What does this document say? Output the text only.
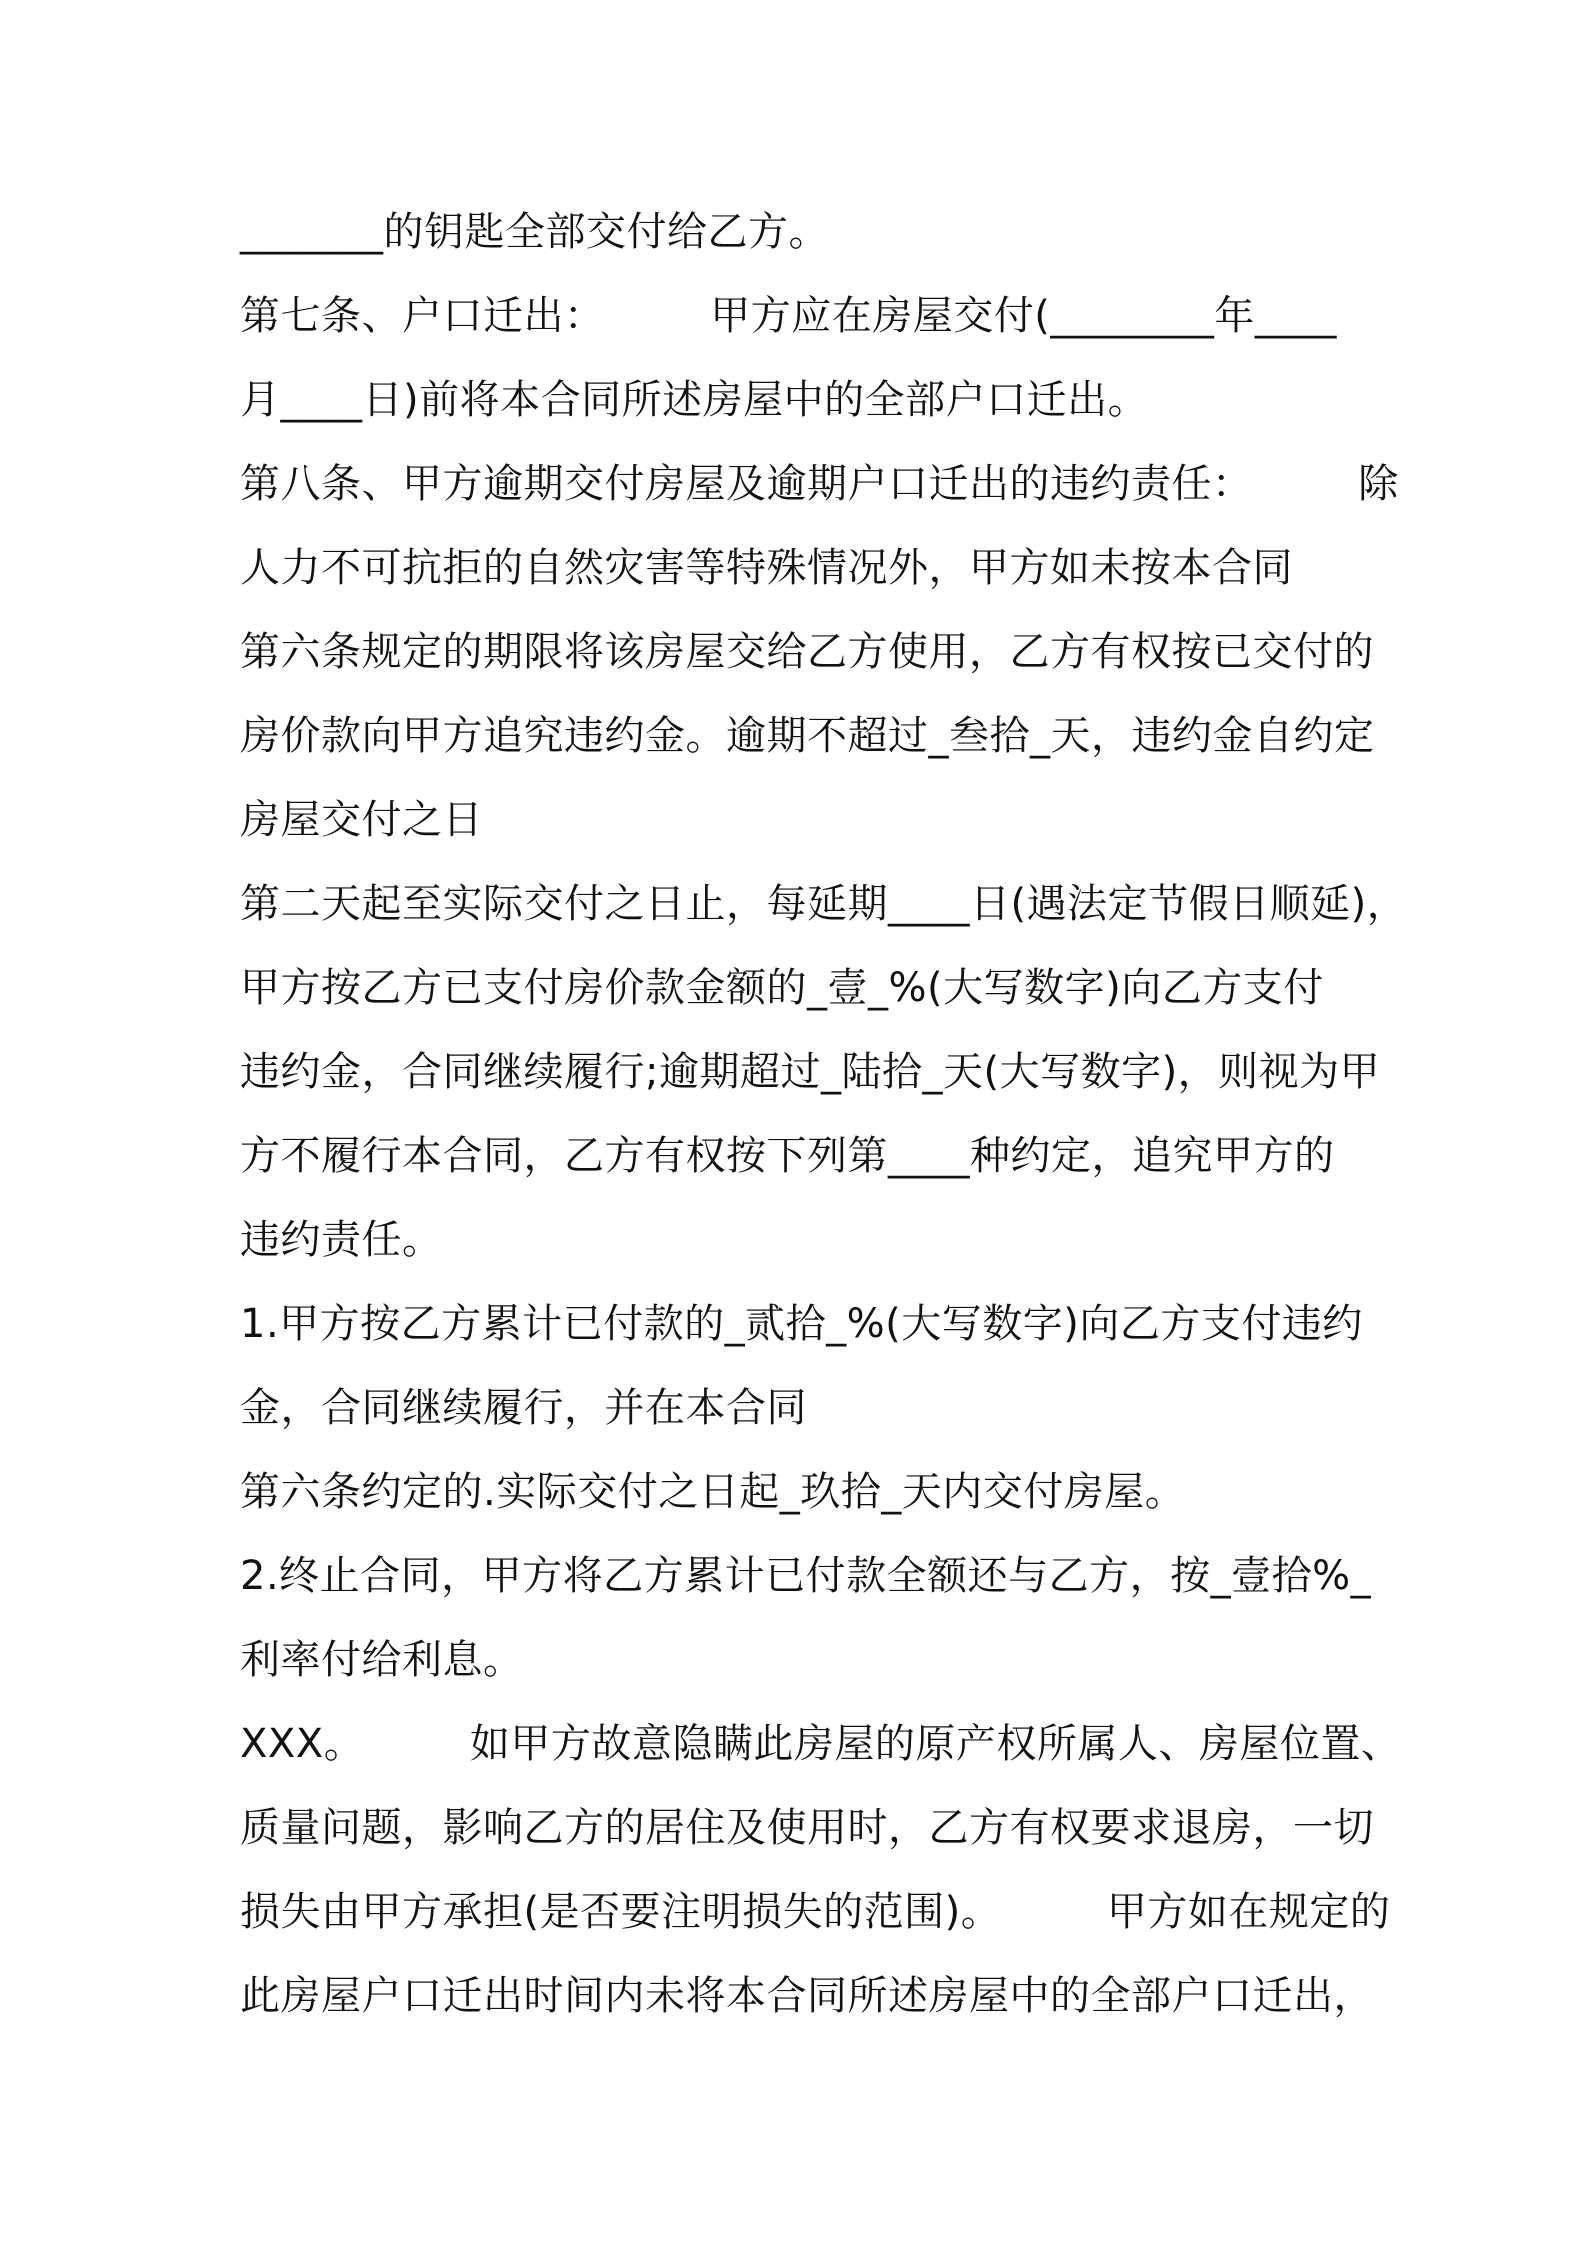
_______的钥匙全部交付给乙方。
第七条、户口迁出：        甲方应在房屋交付(________年____
月____日)前将本合同所述房屋中的全部户口迁出。
第八条、甲方逾期交付房屋及逾期户口迁出的违约责任：        除
人力不可抗拒的自然灾害等特殊情况外，甲方如未按本合同
第六条规定的期限将该房屋交给乙方使用，乙方有权按已交付的
房价款向甲方追究违约金。逾期不超过_叁拾_天，违约金自约定
房屋交付之日
第二天起至实际交付之日止，每延期____日(遇法定节假日顺延)，
甲方按乙方已支付房价款金额的_壹_%(大写数字)向乙方支付
违约金，合同继续履行;逾期超过_陆拾_天(大写数字)，则视为甲
方不履行本合同，乙方有权按下列第____种约定，追究甲方的
违约责任。
1.甲方按乙方累计已付款的_贰拾_%(大写数字)向乙方支付违约
金，合同继续履行，并在本合同
第六条约定的.实际交付之日起_玖拾_天内交付房屋。
2.终止合同，甲方将乙方累计已付款全额还与乙方，按_壹拾%_
利率付给利息。
XXX。        如甲方故意隐瞒此房屋的原产权所属人、房屋位置、
质量问题，影响乙方的居住及使用时，乙方有权要求退房，一切
损失由甲方承担(是否要注明损失的范围)。        甲方如在规定的
此房屋户口迁出时间内未将本合同所述房屋中的全部户口迁出，
